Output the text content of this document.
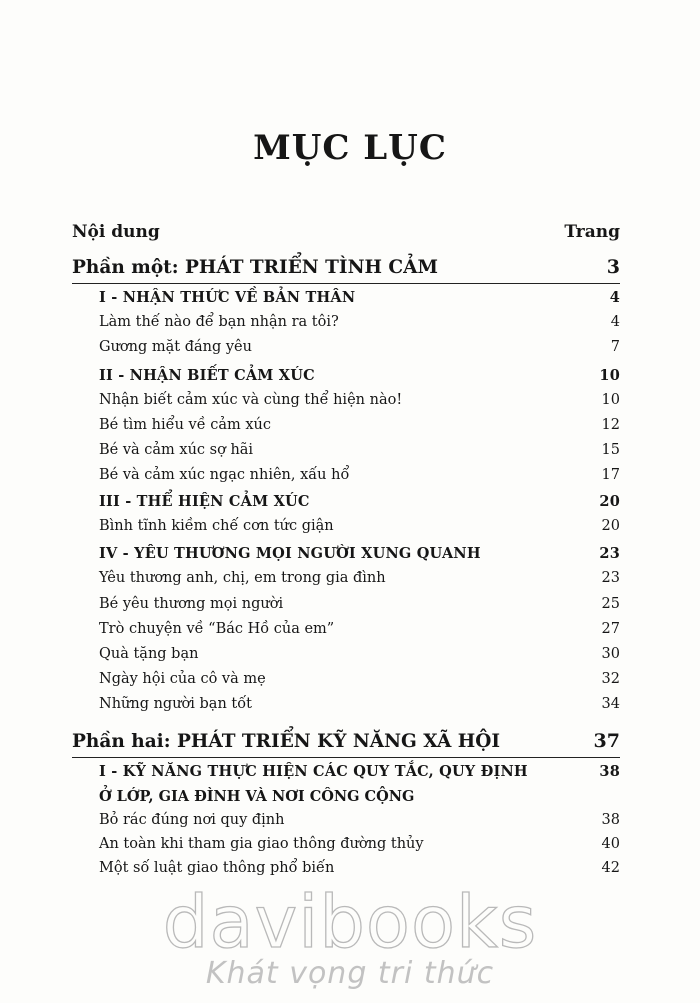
MỤC LỤC
Nội dung	Trang
Phần một: PHÁT TRIỂN TÌNH CẢM	3
I - NHẬN THỨC VỀ BẢN THÂN	4
Làm thế nào để bạn nhận ra tôi?	4
Gương mặt đáng yêu	7
II - NHẬN BIẾT CẢM XÚC	10
Nhận biết cảm xúc và cùng thể hiện nào!	10
Bé tìm hiểu về cảm xúc	12
Bé và cảm xúc sợ hãi	15
Bé và cảm xúc ngạc nhiên, xấu hổ	17
III - THỂ HIỆN CẢM XÚC	20
Bình tĩnh kiềm chế cơn tức giận	20
IV - YÊU THƯƠNG MỌI NGƯỜI XUNG QUANH	23
Yêu thương anh, chị, em trong gia đình	23
Bé yêu thương mọi người	25
Trò chuyện về “Bác Hồ của em”	27
Quà tặng bạn	30
Ngày hội của cô và mẹ	32
Những người bạn tốt	34
Phần hai: PHÁT TRIỂN KỸ NĂNG XÃ HỘI	37
I - KỸ NĂNG THỰC HIỆN CÁC QUY TẮC, QUY ĐỊNH	38
Ở LỚP, GIA ĐÌNH VÀ NƠI CÔNG CỘNG
Bỏ rác đúng nơi quy định	38
An toàn khi tham gia giao thông đường thủy	40
Một số luật giao thông phổ biến	42
davibooks
Khát vọng tri thức
